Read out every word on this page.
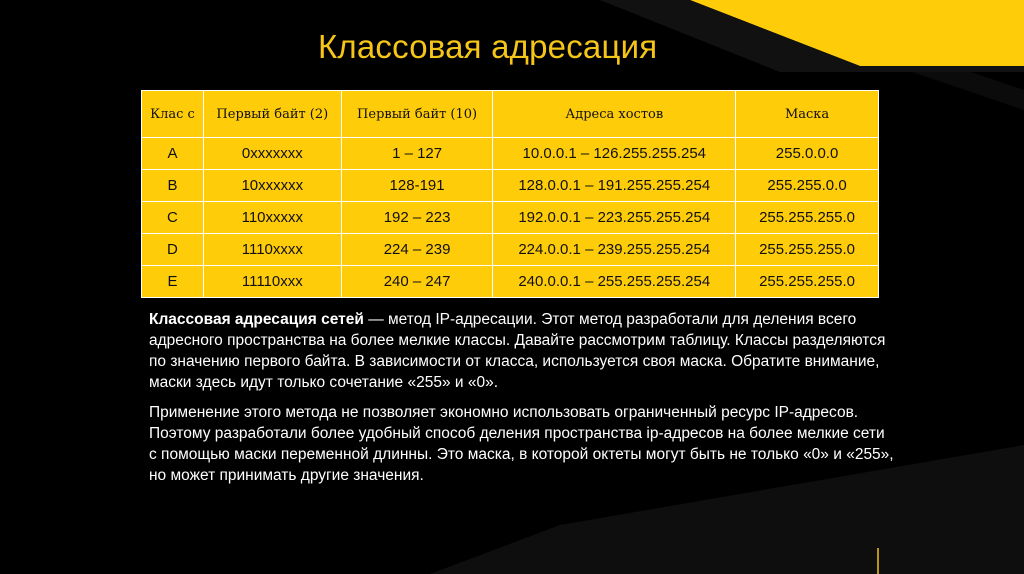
Классовая адресация
Клас с	Первый байт (2)	Первый байт (10)	Адреса хостов	Маска
A	0xxxxxxx	1 – 127	10.0.0.1 – 126.255.255.254	255.0.0.0
B	10xxxxxx	128-191	128.0.0.1 – 191.255.255.254	255.255.0.0
C	110xxxxx	192 – 223	192.0.0.1 – 223.255.255.254	255.255.255.0
D	1110xxxx	224 – 239	224.0.0.1 – 239.255.255.254	255.255.255.0
E	11110xxx	240 – 247	240.0.0.1 – 255.255.255.254	255.255.255.0

Классовая адресация сетей — метод IP-адресации. Этот метод разработали для деления всего адресного пространства на более мелкие классы. Давайте рассмотрим таблицу. Классы разделяются по значению первого байта. В зависимости от класса, используется своя маска. Обратите внимание, маски здесь идут только сочетание «255» и «0».

Применение этого метода не позволяет экономно использовать ограниченный ресурс IP-адресов. Поэтому разработали более удобный способ деления пространства ip-адресов на более мелкие сети с помощью маски переменной длинны. Это маска, в которой октеты могут быть не только «0» и «255», но может принимать другие значения.
